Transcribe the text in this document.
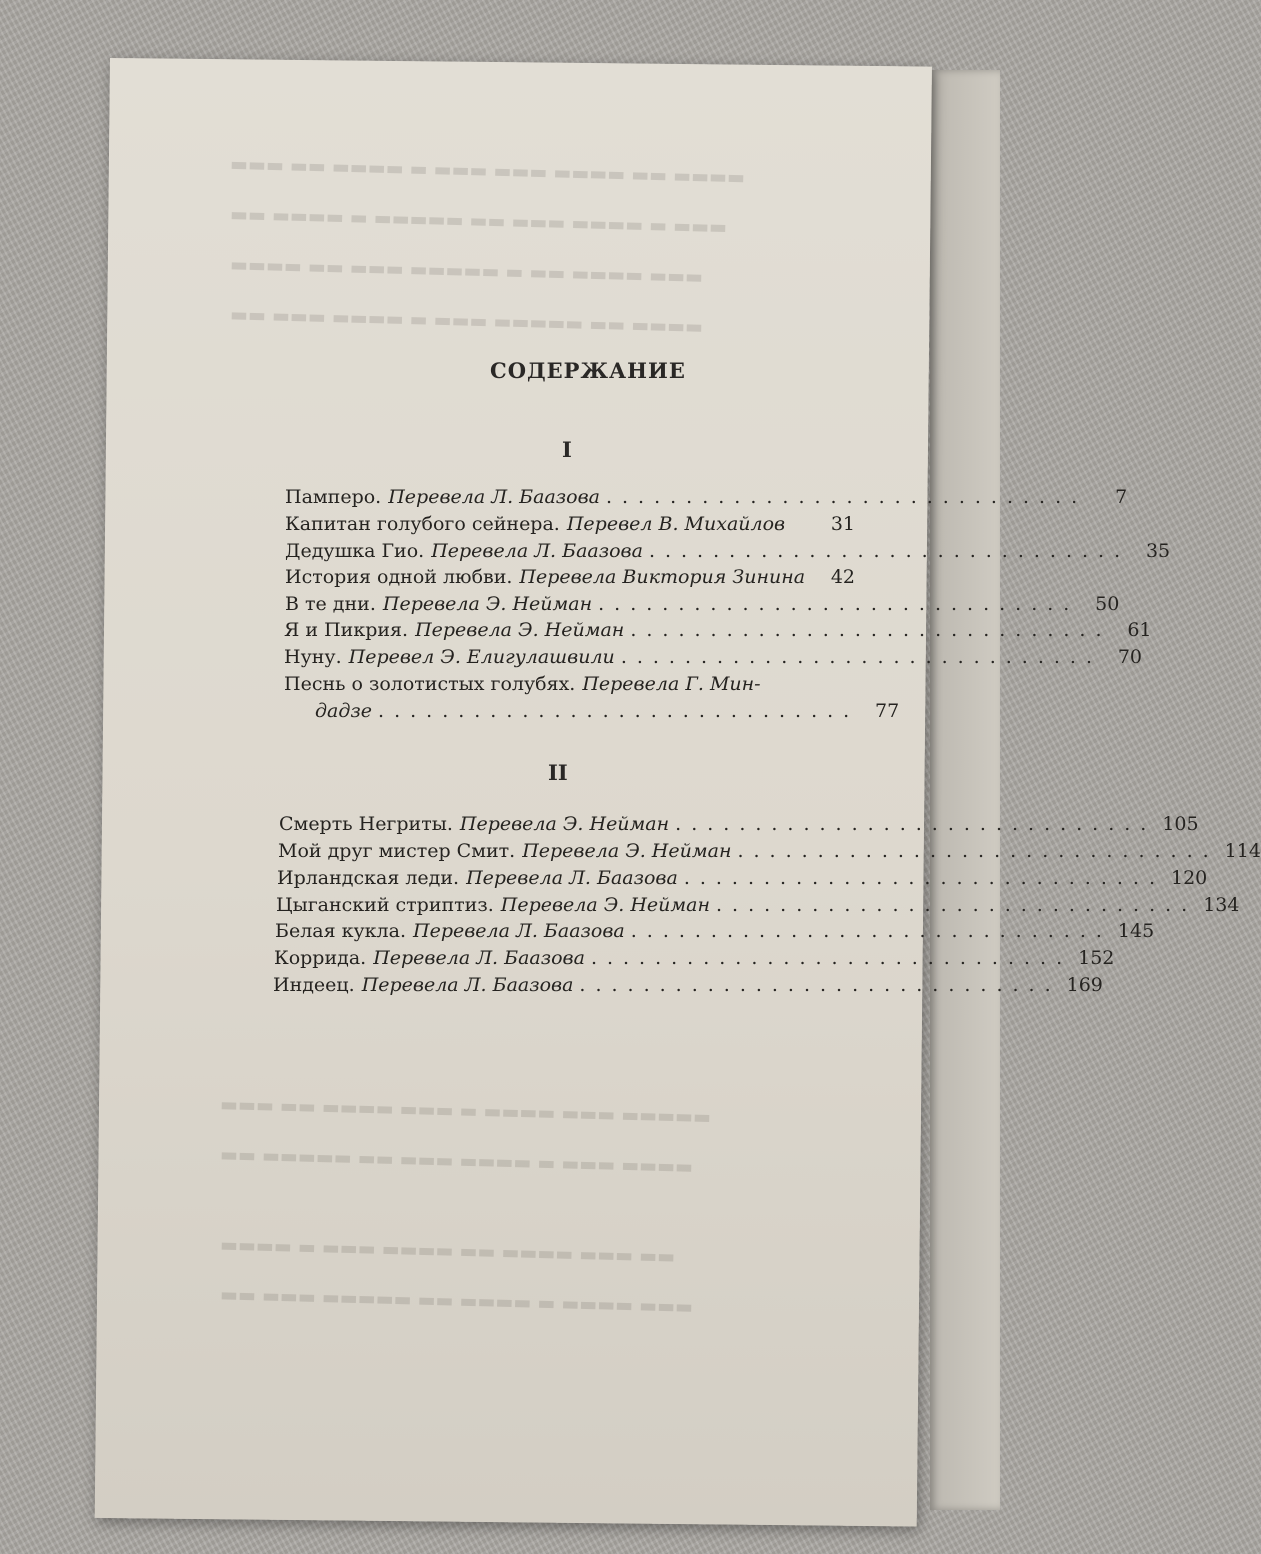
▬▬▬ ▬▬ ▬▬▬▬ ▬ ▬▬▬ ▬▬▬ ▬▬▬▬ ▬▬ ▬▬▬▬
▬▬ ▬▬▬▬ ▬ ▬▬▬▬▬ ▬▬ ▬▬▬ ▬▬▬▬ ▬ ▬▬▬
▬▬▬▬ ▬▬ ▬▬▬ ▬▬▬▬▬ ▬ ▬▬ ▬▬▬▬ ▬▬▬
▬▬ ▬▬▬ ▬▬▬▬ ▬ ▬▬▬ ▬▬▬▬▬ ▬▬ ▬▬▬▬
▬▬▬ ▬▬ ▬▬▬▬ ▬▬▬ ▬ ▬▬▬▬ ▬▬▬ ▬▬▬▬▬
▬▬ ▬▬▬▬▬ ▬▬ ▬▬▬ ▬▬▬▬ ▬ ▬▬▬ ▬▬▬▬
▬▬▬▬ ▬ ▬▬▬ ▬▬▬▬ ▬▬ ▬▬▬▬ ▬▬▬ ▬▬
▬▬ ▬▬▬ ▬▬▬▬▬ ▬▬ ▬▬▬▬ ▬ ▬▬▬▬ ▬▬▬
СОДЕРЖАНИЕ
I
Памперо. Перевела Л. Баазова ..............................	7
Капитан голубого сейнера. Перевел В. Михайлов	31
Дедушка Гио. Перевела Л. Баазова .............................. 35
История одной любви. Перевела Виктория Зинина	42
В те дни. Перевела Э. Нейман .............................. 50
Я и Пикрия. Перевела Э. Нейман .............................. 61
Нуну. Перевел Э. Елигулашвили .............................. 70
Песнь о золотистых голубях. Перевела Г. Мин-
дадзе .............................. 77
II
Смерть Негриты. Перевела Э. Нейман .............................. 105
Мой друг мистер Смит. Перевела Э. Нейман .............................. 114
Ирландская леди. Перевела Л. Баазова .............................. 120
Цыганский стриптиз. Перевела Э. Нейман .............................. 134
Белая кукла. Перевела Л. Баазова .............................. 145
Коррида. Перевела Л. Баазова .............................. 152
Индеец. Перевела Л. Баазова .............................. 169
